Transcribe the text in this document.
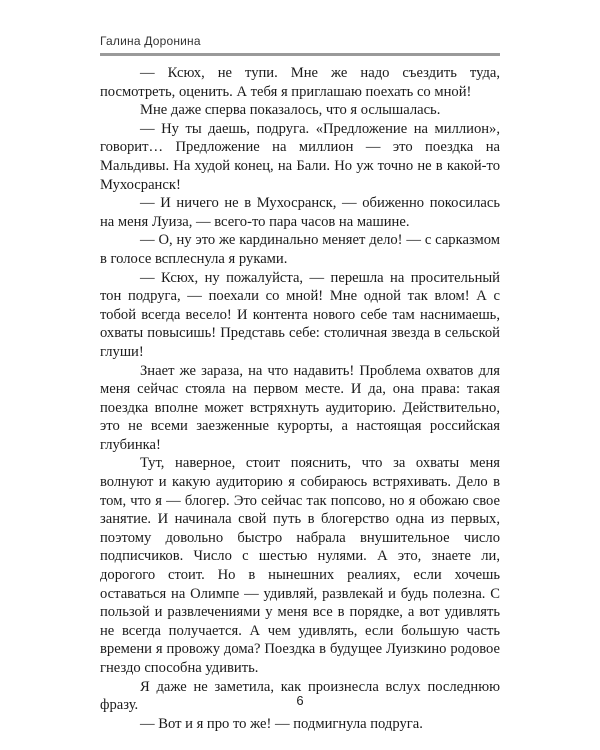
Галина Доронина

— Ксюх, не тупи. Мне же надо съездить туда, посмотреть, оценить. А тебя я приглашаю поехать со мной!

Мне даже сперва показалось, что я ослышалась.

— Ну ты даешь, подруга. «Предложение на миллион», говорит… Предложение на миллион — это поездка на Мальдивы. На худой конец, на Бали. Но уж точно не в какой-то Мухосранск!

— И ничего не в Мухосранск, — обиженно покосилась на меня Луиза, — всего-то пара часов на машине.

— О, ну это же кардинально меняет дело! — с сарказмом в голосе всплеснула я руками.

— Ксюх, ну пожалуйста, — перешла на просительный тон подруга, — поехали со мной! Мне одной так влом! А с тобой всегда весело! И контента нового себе там наснимаешь, охваты повысишь! Представь себе: столичная звезда в сельской глуши!

Знает же зараза, на что надавить! Проблема охватов для меня сейчас стояла на первом месте. И да, она права: такая поездка вполне может встряхнуть аудиторию. Действительно, это не всеми заезженные курорты, а настоящая российская глубинка!

Тут, наверное, стоит пояснить, что за охваты меня волнуют и какую аудиторию я собираюсь встряхивать. Дело в том, что я — блогер. Это сейчас так попсово, но я обожаю свое занятие. И начинала свой путь в блогерство одна из первых, поэтому довольно быстро набрала внушительное число подписчиков. Число с шестью нулями. А это, знаете ли, дорогого стоит. Но в нынешних реалиях, если хочешь оставаться на Олимпе — удивляй, развлекай и будь полезна. С пользой и развлечениями у меня все в порядке, а вот удивлять не всегда получается. А чем удивлять, если большую часть времени я провожу дома? Поездка в будущее Луизкино родовое гнездо способна удивить.

Я даже не заметила, как произнесла вслух последнюю фразу.

— Вот и я про то же! — подмигнула подруга.

6
